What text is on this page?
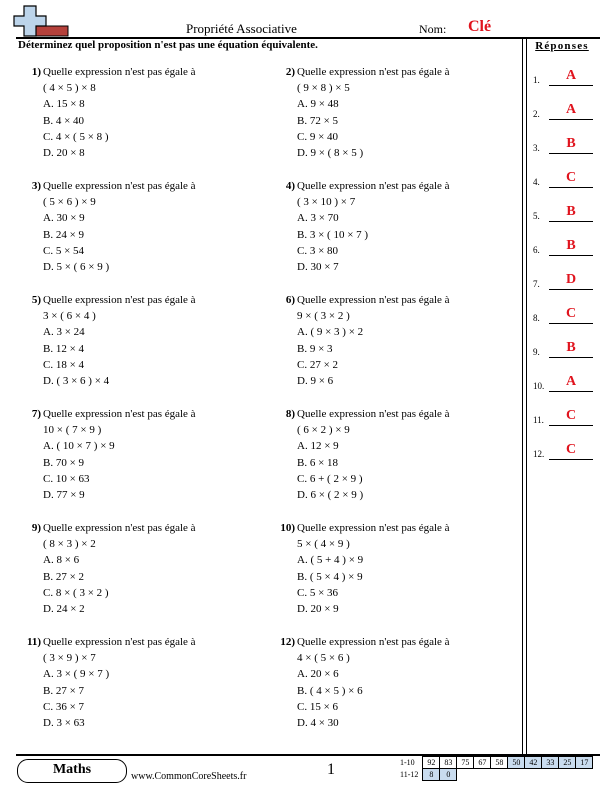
Propriété Associative	Nom: Clé
Déterminez quel proposition n'est pas une équation équivalente.	Réponses
1.	A
2.	A
3.	B
4.	C
5.	B
6.	B
7.	D
8.	C
9.	B
10.	A
11.	C
12.	C
1) Quelle expression n'est pas égale à
( 4 × 5 ) × 8
A. 15 × 8
B. 4 × 40
C. 4 × ( 5 × 8 )
D. 20 × 8
2) Quelle expression n'est pas égale à
( 9 × 8 ) × 5
A. 9 × 48
B. 72 × 5
C. 9 × 40
D. 9 × ( 8 × 5 )
3) Quelle expression n'est pas égale à
( 5 × 6 ) × 9
A. 30 × 9
B. 24 × 9
C. 5 × 54
D. 5 × ( 6 × 9 )
4) Quelle expression n'est pas égale à
( 3 × 10 ) × 7
A. 3 × 70
B. 3 × ( 10 × 7 )
C. 3 × 80
D. 30 × 7
5) Quelle expression n'est pas égale à
3 × ( 6 × 4 )
A. 3 × 24
B. 12 × 4
C. 18 × 4
D. ( 3 × 6 ) × 4
6) Quelle expression n'est pas égale à
9 × ( 3 × 2 )
A. ( 9 × 3 ) × 2
B. 9 × 3
C. 27 × 2
D. 9 × 6
7) Quelle expression n'est pas égale à
10 × ( 7 × 9 )
A. ( 10 × 7 ) × 9
B. 70 × 9
C. 10 × 63
D. 77 × 9
8) Quelle expression n'est pas égale à
( 6 × 2 ) × 9
A. 12 × 9
B. 6 × 18
C. 6 + ( 2 × 9 )
D. 6 × ( 2 × 9 )
9) Quelle expression n'est pas égale à
( 8 × 3 ) × 2
A. 8 × 6
B. 27 × 2
C. 8 × ( 3 × 2 )
D. 24 × 2
10) Quelle expression n'est pas égale à
5 × ( 4 × 9 )
A. ( 5 + 4 ) × 9
B. ( 5 × 4 ) × 9
C. 5 × 36
D. 20 × 9
11) Quelle expression n'est pas égale à
( 3 × 9 ) × 7
A. 3 × ( 9 × 7 )
B. 27 × 7
C. 36 × 7
D. 3 × 63
12) Quelle expression n'est pas égale à
4 × ( 5 × 6 )
A. 20 × 6
B. ( 4 × 5 ) × 6
C. 15 × 6
D. 4 × 30
Maths	www.CommonCoreSheets.fr	1	1-10	92	83	75	67	58	50	42	33	25	17
11-12	8	0								
